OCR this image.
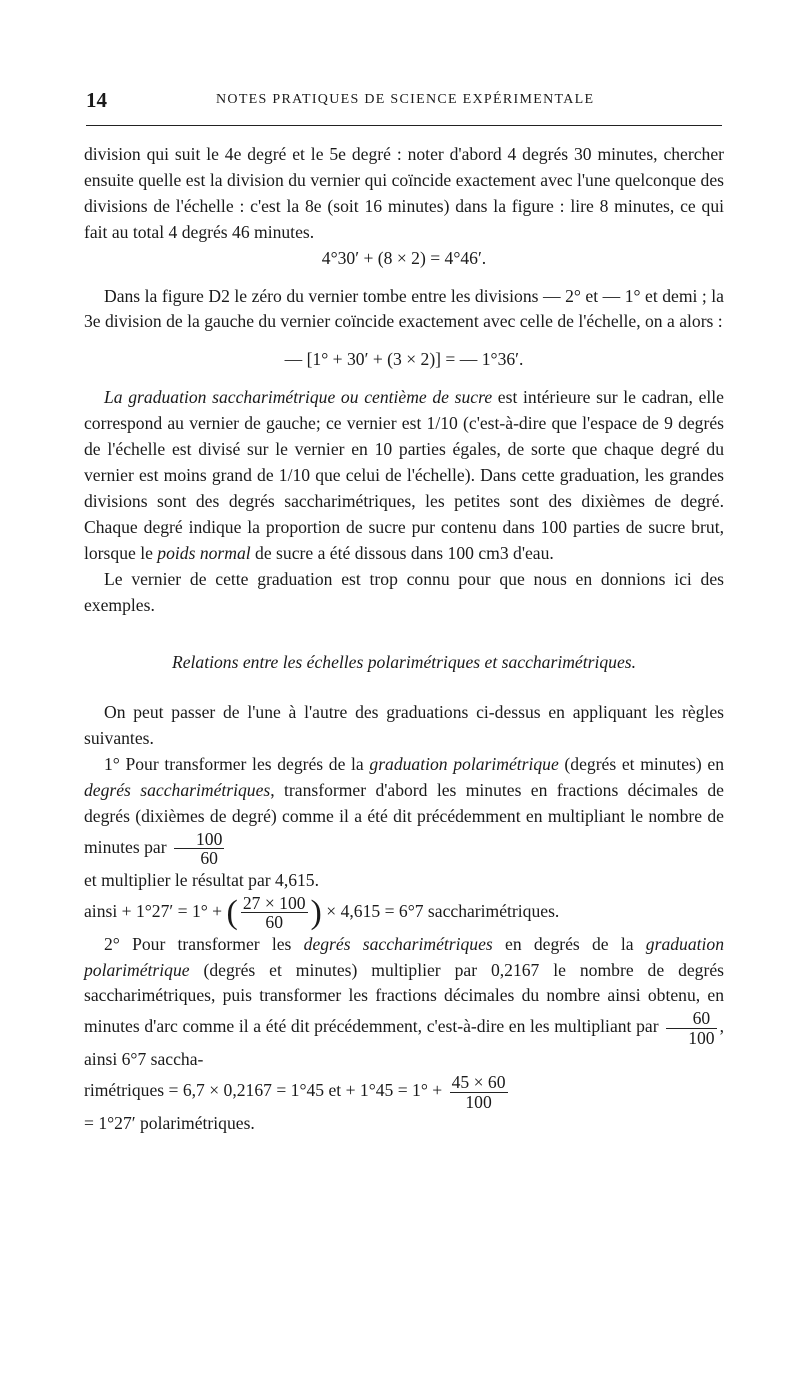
14	NOTES PRATIQUES DE SCIENCE EXPÉRIMENTALE

division qui suit le 4e degré et le 5e degré : noter d'abord 4 degrés 30 minutes, chercher ensuite quelle est la division du vernier qui coïncide exactement avec l'une quelconque des divisions de l'échelle : c'est la 8e (soit 16 minutes) dans la figure : lire 8 minutes, ce qui fait au total 4 degrés 46 minutes.

4°30′ + (8 × 2) = 4°46′.

Dans la figure D2 le zéro du vernier tombe entre les divisions — 2° et — 1° et demi ; la 3e division de la gauche du vernier coïncide exactement avec celle de l'échelle, on a alors :

— [1° + 30′ + (3 × 2)] = — 1°36′.

La graduation saccharimétrique ou centième de sucre est intérieure sur le cadran, elle correspond au vernier de gauche; ce vernier est 1/10 (c'est-à-dire que l'espace de 9 degrés de l'échelle est divisé sur le vernier en 10 parties égales, de sorte que chaque degré du vernier est moins grand de 1/10 que celui de l'échelle). Dans cette graduation, les grandes divisions sont des degrés saccharimétriques, les petites sont des dixièmes de degré. Chaque degré indique la proportion de sucre pur contenu dans 100 parties de sucre brut, lorsque le poids normal de sucre a été dissous dans 100 cm3 d'eau.

Le vernier de cette graduation est trop connu pour que nous en donnions ici des exemples.

Relations entre les échelles polarimétriques et saccharimétriques.

On peut passer de l'une à l'autre des graduations ci-dessus en appliquant les règles suivantes.

1° Pour transformer les degrés de la graduation polarimétrique (degrés et minutes) en degrés saccharimétriques, transformer d'abord les minutes en fractions décimales de degrés (dixièmes de degré) comme il a été dit précédemment en multipliant le nombre de minutes par $\frac{100}{60}$

et multiplier le résultat par 4,615.

ainsi + 1°27′ = 1° + ( $\frac{27 \times 100}{60}$ ) × 4,615 = 6°7 saccharimétriques.

2° Pour transformer les degrés saccharimétriques en degrés de la graduation polarimétrique (degrés et minutes) multiplier par 0,2167 le nombre de degrés saccharimétriques, puis transformer les fractions décimales du nombre ainsi obtenu, en minutes d'arc comme il a été dit précédemment, c'est-à-dire en les multipliant par $\frac{60}{100}$ , ainsi 6°7 saccha-

rimétriques = 6,7 × 0,2167 = 1°45 et + $1^\circ 45 = 1^\circ + \frac{45 \times 60}{100}$

= 1°27′ polarimétriques.
